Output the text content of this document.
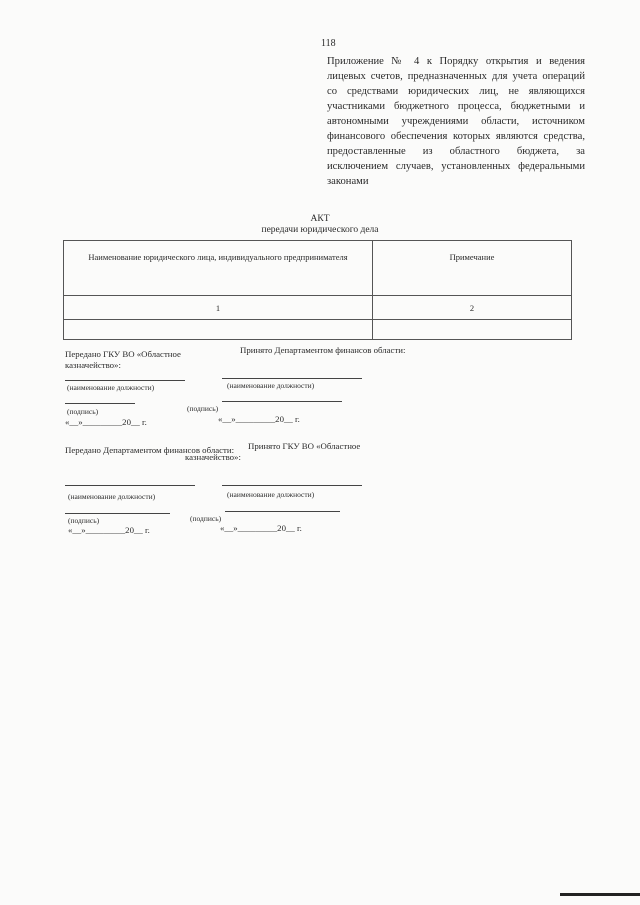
118
Приложение № 4 к Порядку открытия и ведения лицевых счетов, предназначенных для учета операций со средствами юридических лиц, не являющихся участниками бюджетного процесса, бюджетными и автономными учреждениями области, источником финансового обеспечения которых являются средства, предоставленные из областного бюджета, за исключением случаев, установленных федеральными законами
АКТ
передачи юридического дела
Наименование юридического лица, индивидуального предпринимателя	Примечание
1	2

Передано ГКУ ВО «Областное казначейство»:
Принято Департаментом финансов области:
(наименование должности)	(наименование должности)
(подпись)	(подпись)
«__»_________20__ г.	«__»_________20__ г.
Передано Департаментом финансов области:	Принято ГКУ ВО «Областное казначейство»:
(наименование должности)	(наименование должности)
(подпись)	(подпись)
«__»_________20__ г.	«__»_________20__ г.
